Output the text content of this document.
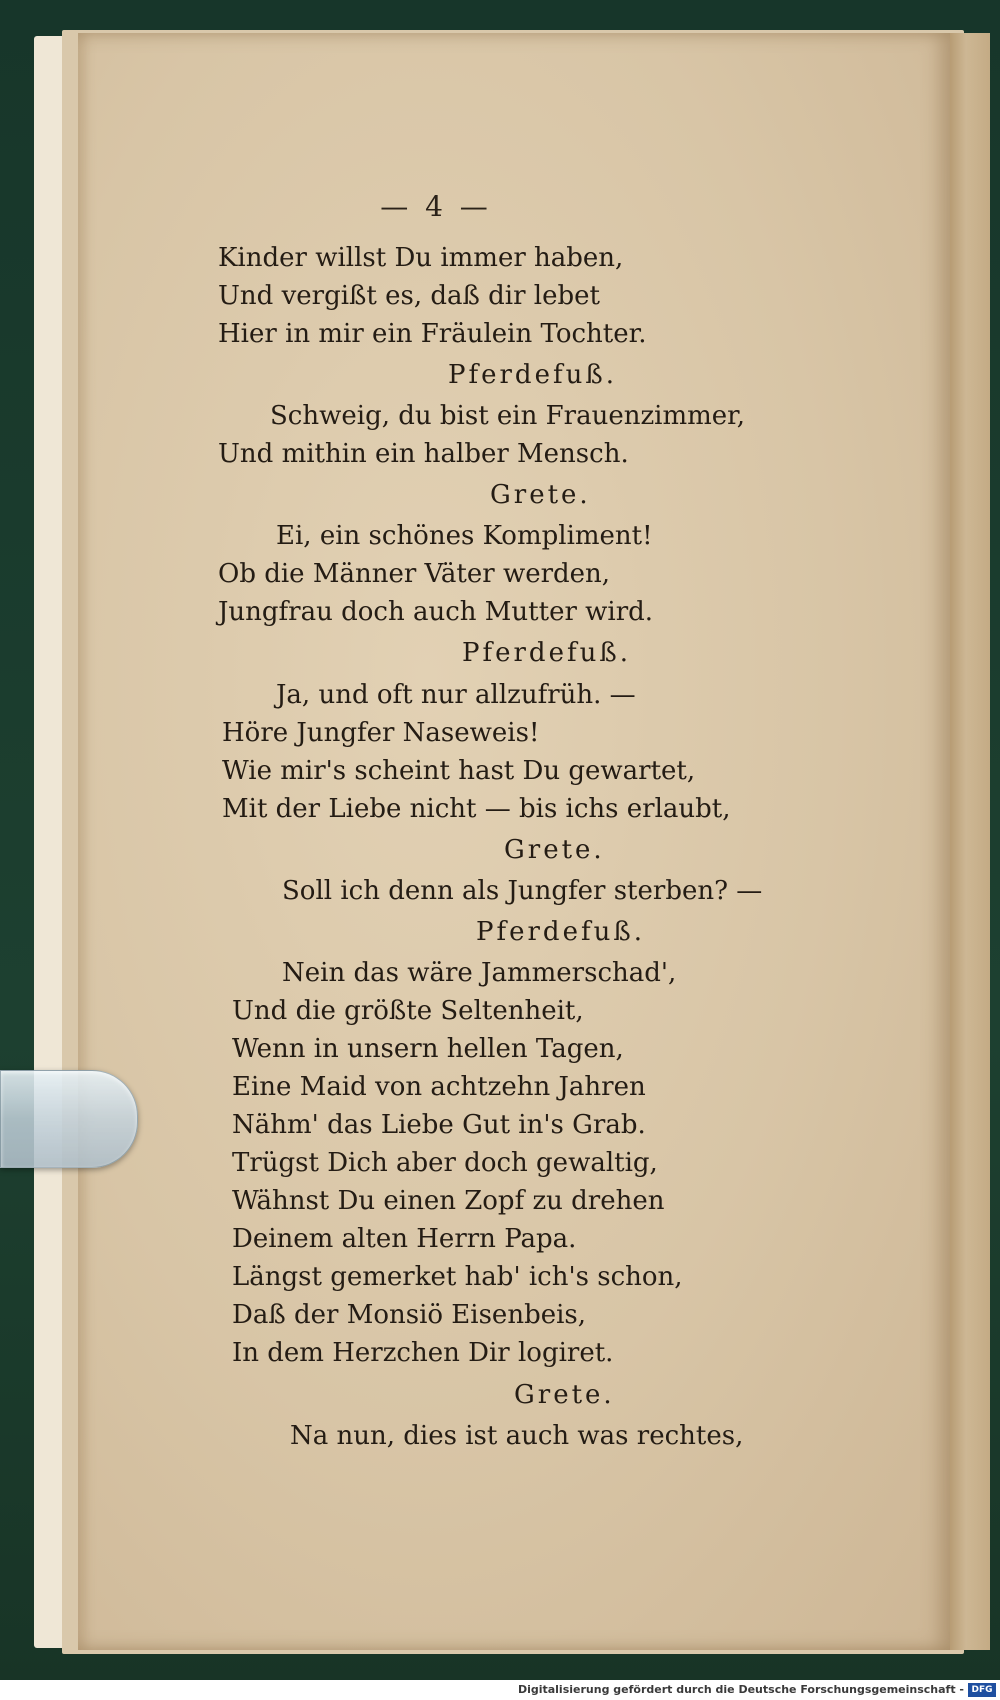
— 4 —
Kinder willst Du immer haben,
Und vergißt es, daß dir lebet
Hier in mir ein Fräulein Tochter.
Pferdefuß.
Schweig, du bist ein Frauenzimmer,
Und mithin ein halber Mensch.
Grete.
Ei, ein schönes Kompliment!
Ob die Männer Väter werden,
Jungfrau doch auch Mutter wird.
Pferdefuß.
Ja, und oft nur allzufrüh. —
Höre Jungfer Naseweis!
Wie mir's scheint hast Du gewartet,
Mit der Liebe nicht — bis ichs erlaubt,
Grete.
Soll ich denn als Jungfer sterben? —
Pferdefuß.
Nein das wäre Jammerschad',
Und die größte Seltenheit,
Wenn in unsern hellen Tagen,
Eine Maid von achtzehn Jahren
Nähm' das Liebe Gut in's Grab.
Trügst Dich aber doch gewaltig,
Wähnst Du einen Zopf zu drehen
Deinem alten Herrn Papa.
Längst gemerket hab' ich's schon,
Daß der Monsiö Eisenbeis,
In dem Herzchen Dir logiret.
Grete.
Na nun, dies ist auch was rechtes,
Digitalisierung gefördert durch die Deutsche Forschungsgemeinschaft - DFG
